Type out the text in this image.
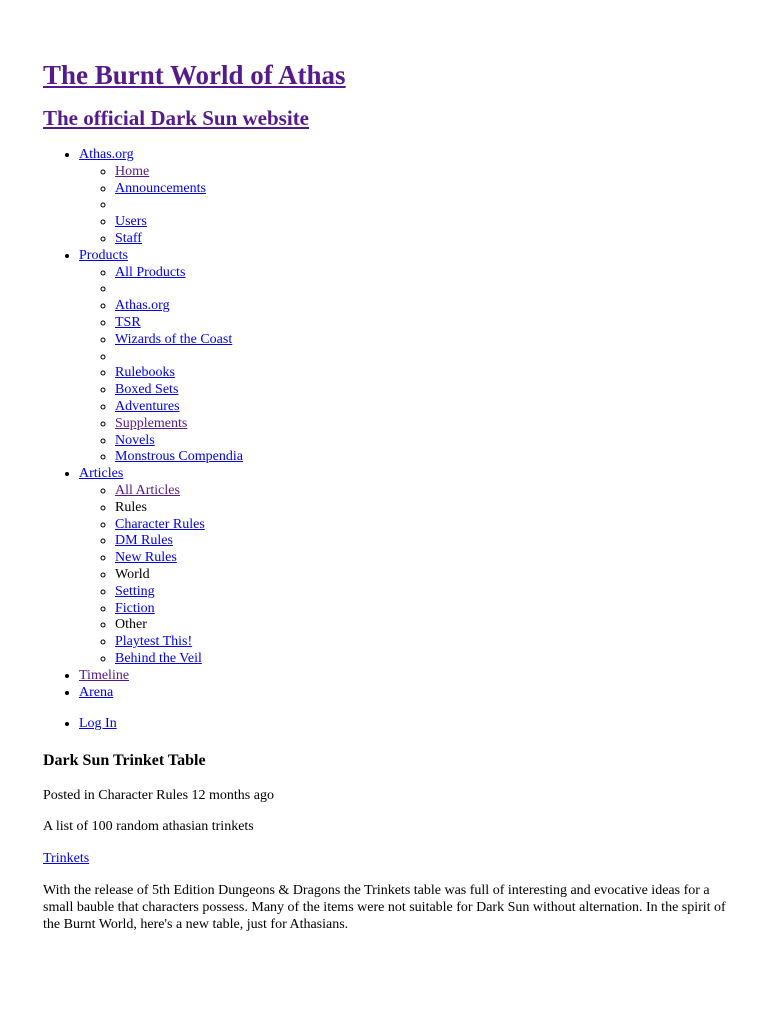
The Burnt World of Athas
The official Dark Sun website
• Athas.org
◦ Home
◦ Announcements
◦
◦ Users
◦ Staff
• Products
◦ All Products
◦
◦ Athas.org
◦ TSR
◦ Wizards of the Coast
◦
◦ Rulebooks
◦ Boxed Sets
◦ Adventures
◦ Supplements
◦ Novels
◦ Monstrous Compendia
• Articles
◦ All Articles
◦ Rules
◦ Character Rules
◦ DM Rules
◦ New Rules
◦ World
◦ Setting
◦ Fiction
◦ Other
◦ Playtest This!
◦ Behind the Veil
• Timeline
• Arena
• Log In
Dark Sun Trinket Table

Posted in Character Rules 12 months ago

A list of 100 random athasian trinkets

Trinkets

With the release of 5th Edition Dungeons & Dragons the Trinkets table was full of interesting and evocative ideas for a small bauble that characters possess. Many of the items were not suitable for Dark Sun without alternation. In the spirit of the Burnt World, here's a new table, just for Athasians.
